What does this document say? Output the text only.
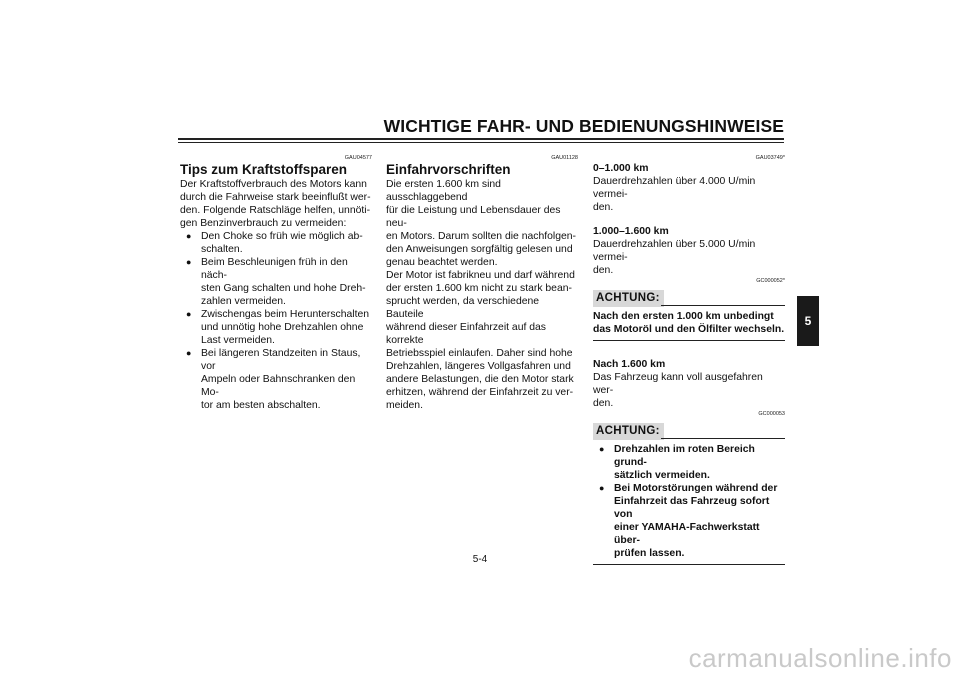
WICHTIGE FAHR- UND BEDIENUNGSHINWEISE
5
GAU04577
Tips zum Kraftstoffsparen
Der Kraftstoffverbrauch des Motors kann
durch die Fahrweise stark beeinflußt wer-
den. Folgende Ratschläge helfen, unnöti-
gen Benzinverbrauch zu vermeiden:
● Den Choke so früh wie möglich ab-
schalten.
● Beim Beschleunigen früh in den näch-
sten Gang schalten und hohe Dreh-
zahlen vermeiden.
● Zwischengas beim Herunterschalten
und unnötig hohe Drehzahlen ohne
Last vermeiden.
● Bei längeren Standzeiten in Staus, vor
Ampeln oder Bahnschranken den Mo-
tor am besten abschalten.
GAU01128
Einfahrvorschriften
Die ersten 1.600 km sind ausschlaggebend
für die Leistung und Lebensdauer des neu-
en Motors. Darum sollten die nachfolgen-
den Anweisungen sorgfältig gelesen und
genau beachtet werden.
Der Motor ist fabrikneu und darf während
der ersten 1.600 km nicht zu stark bean-
sprucht werden, da verschiedene Bauteile
während dieser Einfahrzeit auf das korrekte
Betriebsspiel einlaufen. Daher sind hohe
Drehzahlen, längeres Vollgasfahren und
andere Belastungen, die den Motor stark
erhitzen, während der Einfahrzeit zu ver-
meiden.
GAU03749*
0–1.000 km
Dauerdrehzahlen über 4.000 U/min vermei-
den.
1.000–1.600 km
Dauerdrehzahlen über 5.000 U/min vermei-
den.
GC000052*
ACHTUNG:
Nach den ersten 1.000 km unbedingt
das Motoröl und den Ölfilter wechseln.
Nach 1.600 km
Das Fahrzeug kann voll ausgefahren wer-
den.
GC000053
ACHTUNG:
● Drehzahlen im roten Bereich grund-
sätzlich vermeiden.
● Bei Motorstörungen während der
Einfahrzeit das Fahrzeug sofort von
einer YAMAHA-Fachwerkstatt über-
prüfen lassen.
5-4
carmanualsonline.info
